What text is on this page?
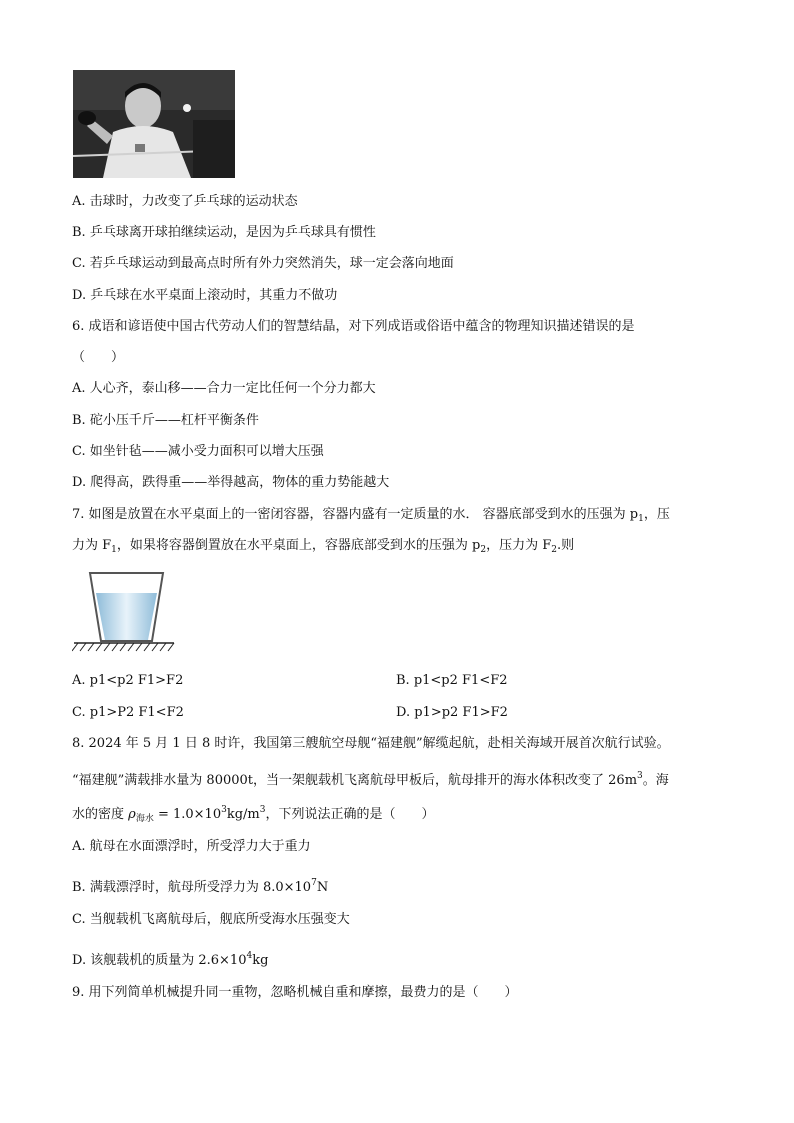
A. 击球时，力改变了乒乓球的运动状态
B. 乒乓球离开球拍继续运动，是因为乒乓球具有惯性
C. 若乒乓球运动到最高点时所有外力突然消失，球一定会落向地面
D. 乒乓球在水平桌面上滚动时，其重力不做功
6. 成语和谚语使中国古代劳动人们的智慧结晶，对下列成语或俗语中蕴含的物理知识描述错误的是
（　　）
A. 人心齐，泰山移——合力一定比任何一个分力都大
B. 砣小压千斤——杠杆平衡条件
C. 如坐针毡——减小受力面积可以增大压强
D. 爬得高，跌得重——举得越高，物体的重力势能越大
7. 如图是放置在水平桌面上的一密闭容器，容器内盛有一定质量的水． 容器底部受到水的压强为 $p_1$，压
力为 $F_1$，如果将容器倒置放在水平桌面上，容器底部受到水的压强为 $p_2$，压力为 $F_2$.则
A. p1<p2 F1>F2	B. p1<p2 F1<F2
C. p1>P2 F1<F2	D. p1>p2 F1>F2
8. 2024 年 5 月 1 日 8 时许，我国第三艘航空母舰“福建舰”解缆起航，赴相关海域开展首次航行试验。
“福建舰”满载排水量为 80000t，当一架舰载机飞离航母甲板后，航母排开的海水体积改变了 $26m^3$。海
水的密度 $\rho_{海水} = 1.0\times 10^3kg/m^3$，下列说法正确的是（　　）
A. 航母在水面漂浮时，所受浮力大于重力
B. 满载漂浮时，航母所受浮力为 $8.0\times 10^7N$
C. 当舰载机飞离航母后，舰底所受海水压强变大
D. 该舰载机的质量为 $2.6\times 10^4kg$
9. 用下列简单机械提升同一重物，忽略机械自重和摩擦，最费力的是（　　）
